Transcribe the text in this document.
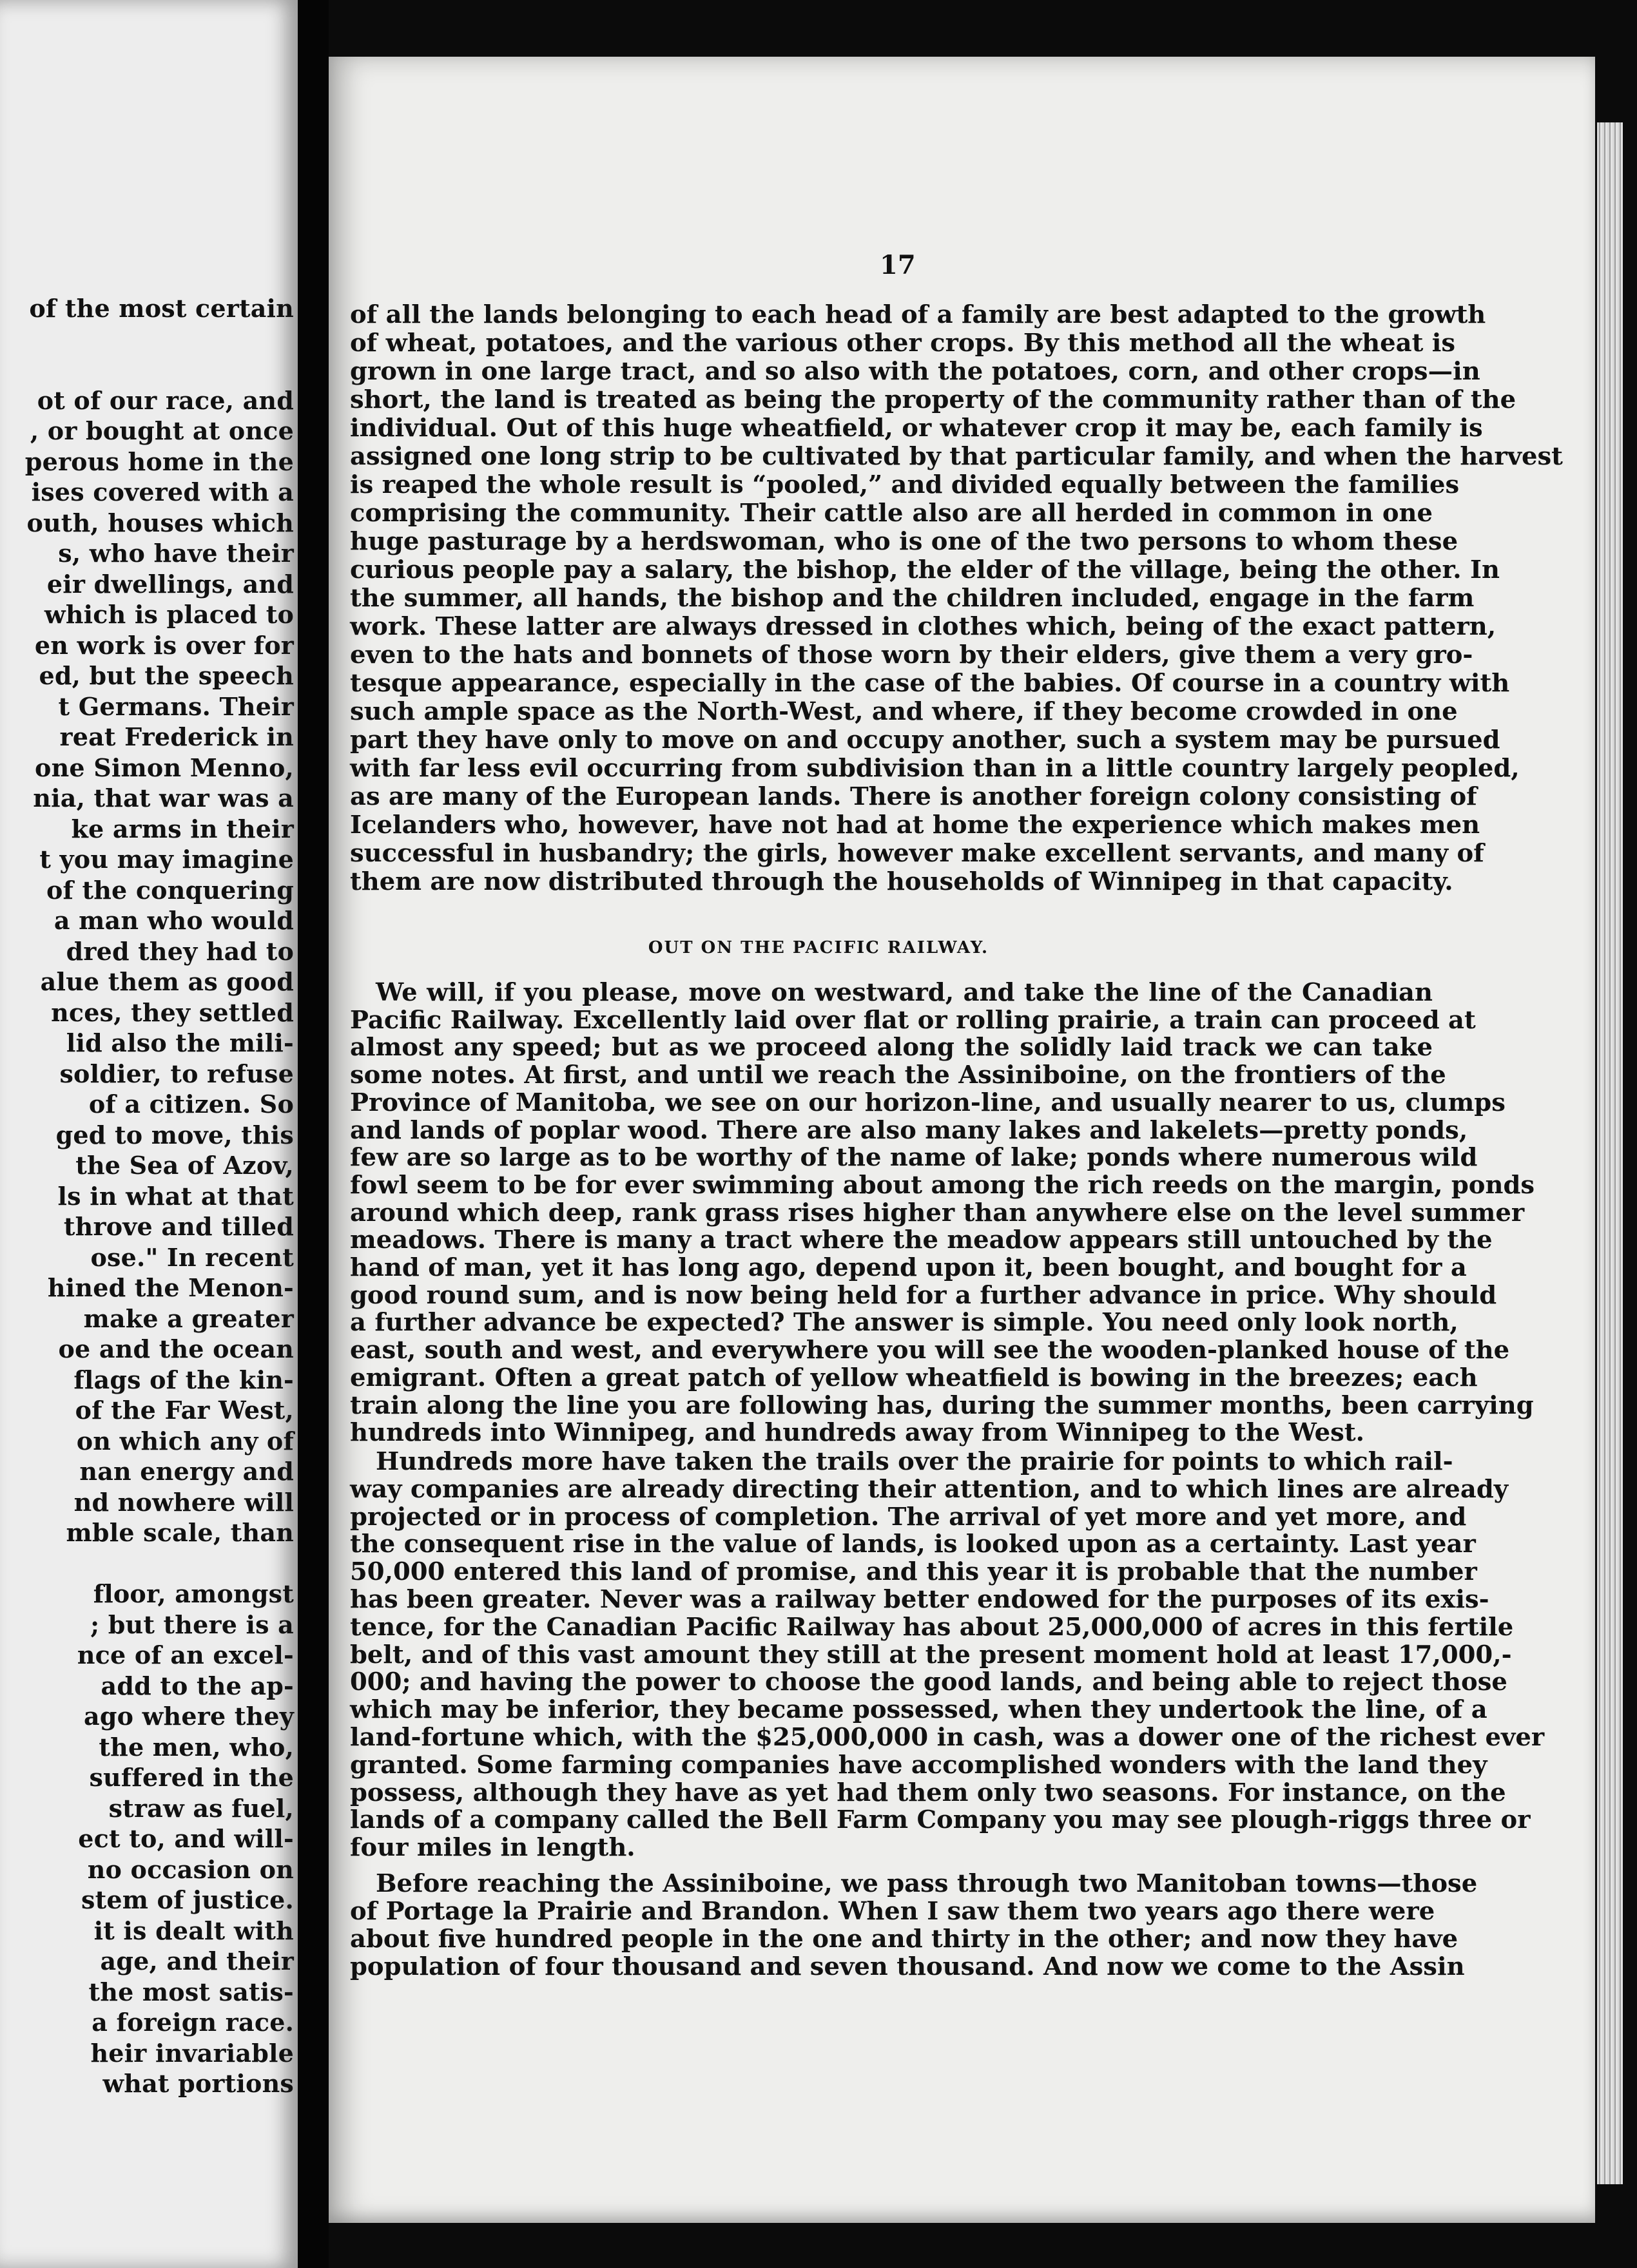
of the most certain
ot of our race, and
, or bought at once
perous home in the
ises covered with a
outh, houses which
s, who have their
eir dwellings, and
which is placed to
en work is over for
ed, but the speech
t Germans. Their
reat Frederick in
one Simon Menno,
nia, that war was a
ke arms in their
t you may imagine
of the conquering
a man who would
dred they had to
alue them as good
nces, they settled
lid also the mili-
soldier, to refuse
of a citizen. So
ged to move, this
the Sea of Azov,
ls in what at that
throve and tilled
ose." In recent
hined the Menon-
make a greater
oe and the ocean
flags of the kin-
of the Far West,
on which any of
nan energy and
nd nowhere will
mble scale, than
floor, amongst
; but there is a
nce of an excel-
add to the ap-
ago where they
the men, who,
suffered in the
straw as fuel,
ect to, and will-
no occasion on
stem of justice.
it is dealt with
age, and their
the most satis-
a foreign race.
heir invariable
what portions
17
OUT ON THE PACIFIC RAILWAY.
of all the lands belonging to each head of a family are best adapted to the growth
of wheat, potatoes, and the various other crops. By this method all the wheat is
grown in one large tract, and so also with the potatoes, corn, and other crops—in
short, the land is treated as being the property of the community rather than of the
individual. Out of this huge wheatfield, or whatever crop it may be, each family is
assigned one long strip to be cultivated by that particular family, and when the harvest
is reaped the whole result is “pooled,” and divided equally between the families
comprising the community. Their cattle also are all herded in common in one
huge pasturage by a herdswoman, who is one of the two persons to whom these
curious people pay a salary, the bishop, the elder of the village, being the other. In
the summer, all hands, the bishop and the children included, engage in the farm
work. These latter are always dressed in clothes which, being of the exact pattern,
even to the hats and bonnets of those worn by their elders, give them a very gro-
tesque appearance, especially in the case of the babies. Of course in a country with
such ample space as the North-West, and where, if they become crowded in one
part they have only to move on and occupy another, such a system may be pursued
with far less evil occurring from subdivision than in a little country largely peopled,
as are many of the European lands. There is another foreign colony consisting of
Icelanders who, however, have not had at home the experience which makes men
successful in husbandry; the girls, however make excellent servants, and many of
them are now distributed through the households of Winnipeg in that capacity.
We will, if you please, move on westward, and take the line of the Canadian
Pacific Railway. Excellently laid over flat or rolling prairie, a train can proceed at
almost any speed; but as we proceed along the solidly laid track we can take
some notes. At first, and until we reach the Assiniboine, on the frontiers of the
Province of Manitoba, we see on our horizon-line, and usually nearer to us, clumps
and lands of poplar wood. There are also many lakes and lakelets—pretty ponds,
few are so large as to be worthy of the name of lake; ponds where numerous wild
fowl seem to be for ever swimming about among the rich reeds on the margin, ponds
around which deep, rank grass rises higher than anywhere else on the level summer
meadows. There is many a tract where the meadow appears still untouched by the
hand of man, yet it has long ago, depend upon it, been bought, and bought for a
good round sum, and is now being held for a further advance in price. Why should
a further advance be expected? The answer is simple. You need only look north,
east, south and west, and everywhere you will see the wooden-planked house of the
emigrant. Often a great patch of yellow wheatfield is bowing in the breezes; each
train along the line you are following has, during the summer months, been carrying
hundreds into Winnipeg, and hundreds away from Winnipeg to the West.
Hundreds more have taken the trails over the prairie for points to which rail-
way companies are already directing their attention, and to which lines are already
projected or in process of completion. The arrival of yet more and yet more, and
the consequent rise in the value of lands, is looked upon as a certainty. Last year
50,000 entered this land of promise, and this year it is probable that the number
has been greater. Never was a railway better endowed for the purposes of its exis-
tence, for the Canadian Pacific Railway has about 25,000,000 of acres in this fertile
belt, and of this vast amount they still at the present moment hold at least 17,000,-
000; and having the power to choose the good lands, and being able to reject those
which may be inferior, they became possessed, when they undertook the line, of a
land-fortune which, with the $25,000,000 in cash, was a dower one of the richest ever
granted. Some farming companies have accomplished wonders with the land they
possess, although they have as yet had them only two seasons. For instance, on the
lands of a company called the Bell Farm Company you may see plough-riggs three or
four miles in length.
Before reaching the Assiniboine, we pass through two Manitoban towns—those
of Portage la Prairie and Brandon. When I saw them two years ago there were
about five hundred people in the one and thirty in the other; and now they have
population of four thousand and seven thousand. And now we come to the Assin
